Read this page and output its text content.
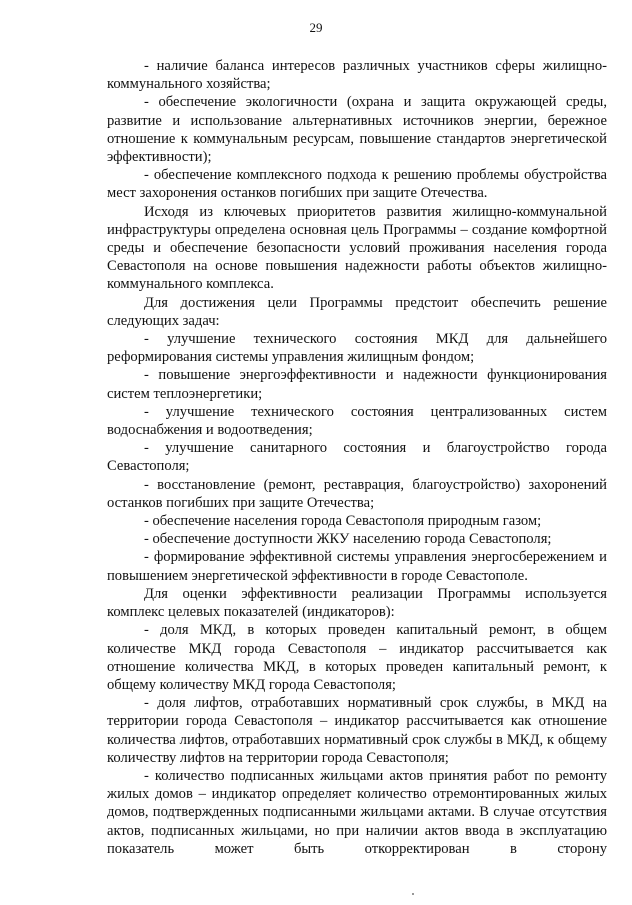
29

- наличие баланса интересов различных участников сферы жилищно-коммунального хозяйства;

- обеспечение экологичности (охрана и защита окружающей среды, развитие и использование альтернативных источников энергии, бережное отношение к коммунальным ресурсам, повышение стандартов энергетической эффективности);

- обеспечение комплексного подхода к решению проблемы обустройства мест захоронения останков погибших при защите Отечества.

Исходя из ключевых приоритетов развития жилищно-коммунальной инфраструктуры определена основная цель Программы – создание комфортной среды и обеспечение безопасности условий проживания населения города Севастополя на основе повышения надежности работы объектов жилищно-коммунального комплекса.

Для достижения цели Программы предстоит обеспечить решение следующих задач:

- улучшение технического состояния МКД для дальнейшего реформирования системы управления жилищным фондом;

- повышение энергоэффективности и надежности функционирования систем теплоэнергетики;

- улучшение технического состояния централизованных систем водоснабжения и водоотведения;

- улучшение санитарного состояния и благоустройство города Севастополя;

- восстановление (ремонт, реставрация, благоустройство) захоронений останков погибших при защите Отечества;

- обеспечение населения города Севастополя природным газом;

- обеспечение доступности ЖКУ населению города Севастополя;

- формирование эффективной системы управления энергосбережением и повышением энергетической эффективности в городе Севастополе.

Для оценки эффективности реализации Программы используется комплекс целевых показателей (индикаторов):

- доля МКД, в которых проведен капитальный ремонт, в общем количестве МКД города Севастополя – индикатор рассчитывается как отношение количества МКД, в которых проведен капитальный ремонт, к общему количеству МКД города Севастополя;

- доля лифтов, отработавших нормативный срок службы, в МКД на территории города Севастополя – индикатор рассчитывается как отношение количества лифтов, отработавших нормативный срок службы в МКД, к общему количеству лифтов на территории города Севастополя;

- количество подписанных жильцами актов принятия работ по ремонту жилых домов – индикатор определяет количество отремонтированных жилых домов, подтвержденных подписанными жильцами актами. В случае отсутствия актов, подписанных жильцами, но при наличии актов ввода в эксплуатацию показатель может быть откорректирован в сторону
